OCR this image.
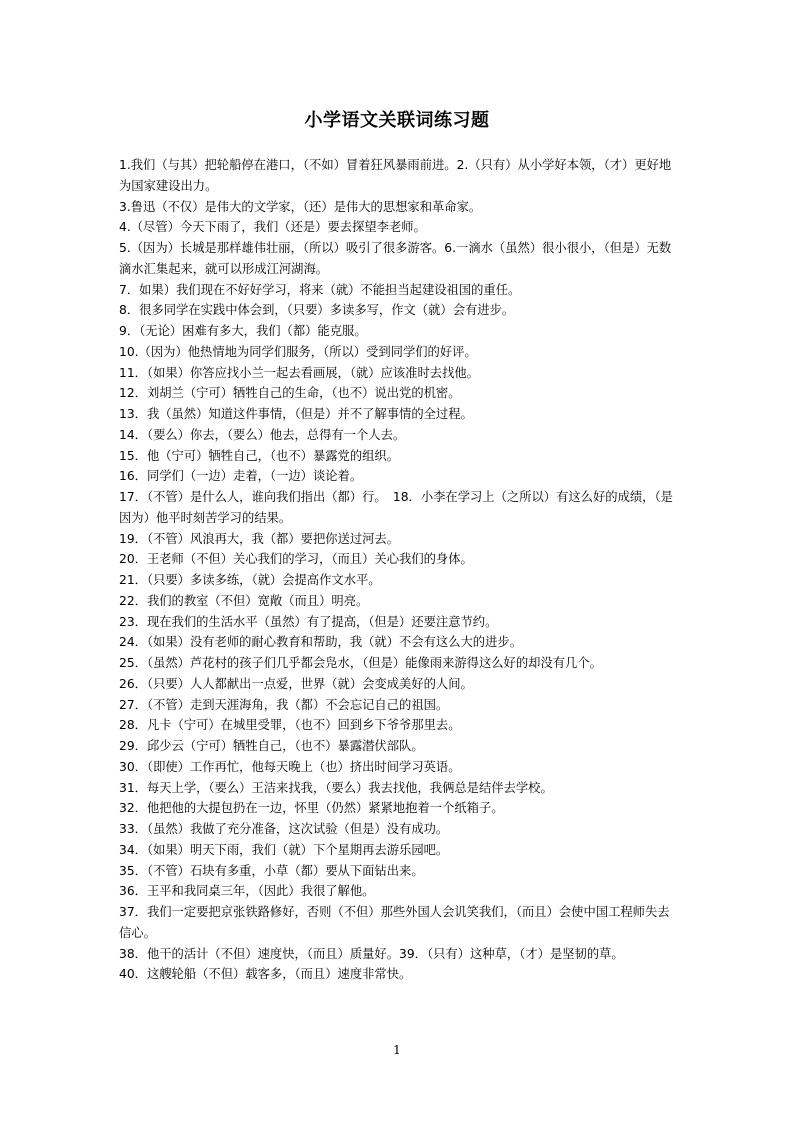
小学语文关联词练习题

1.我们（与其）把轮船停在港口，（不如）冒着狂风暴雨前进。2.（只有）从小学好本领，（才）更好地为国家建设出力。

3.鲁迅（不仅）是伟大的文学家，（还）是伟大的思想家和革命家。

4.（尽管）今天下雨了，我们（还是）要去探望李老师。

5.（因为）长城是那样雄伟壮丽，（所以）吸引了很多游客。6.一滴水（虽然）很小很小，（但是）无数滴水汇集起来，就可以形成江河湖海。

7．如果）我们现在不好好学习，将来（就）不能担当起建设祖国的重任。

8．很多同学在实践中体会到，（只要）多读多写，作文（就）会有进步。

9．（无论）困难有多大，我们（都）能克服。

10.（因为）他热情地为同学们服务，（所以）受到同学们的好评。

11．（如果）你答应找小兰一起去看画展，（就）应该准时去找他。

12．刘胡兰（宁可）牺牲自己的生命，（也不）说出党的机密。

13．我（虽然）知道这件事情，（但是）并不了解事情的全过程。

14．（要么）你去，（要么）他去，总得有一个人去。

15．他（宁可）牺牲自己，（也不）暴露党的组织。

16．同学们（一边）走着，（一边）谈论着。

17．（不管）是什么人，谁向我们指出（都）行。　18．小李在学习上（之所以）有这么好的成绩，（是因为）他平时刻苦学习的结果。

19．（不管）风浪再大，我（都）要把你送过河去。

20．王老师（不但）关心我们的学习，（而且）关心我们的身体。

21．（只要）多读多练，（就）会提高作文水平。

22．我们的教室（不但）宽敞（而且）明亮。

23．现在我们的生活水平（虽然）有了提高，（但是）还要注意节约。

24．（如果）没有老师的耐心教育和帮助，我（就）不会有这么大的进步。

25．（虽然）芦花村的孩子们几乎都会凫水，（但是）能像雨来游得这么好的却没有几个。

26．（只要）人人都献出一点爱，世界（就）会变成美好的人间。

27．（不管）走到天涯海角，我（都）不会忘记自己的祖国。

28．凡卡（宁可）在城里受罪，（也不）回到乡下爷爷那里去。

29．邱少云（宁可）牺牲自己，（也不）暴露潜伏部队。

30．（即使）工作再忙，他每天晚上（也）挤出时间学习英语。

31．每天上学，（要么）王洁来找我，（要么）我去找他，我俩总是结伴去学校。

32．他把他的大提包扔在一边，怀里（仍然）紧紧地抱着一个纸箱子。

33．（虽然）我做了充分准备，这次试验（但是）没有成功。

34．（如果）明天下雨，我们（就）下个星期再去游乐园吧。

35．（不管）石块有多重，小草（都）要从下面钻出来。

36．王平和我同桌三年，（因此）我很了解他。

37．我们一定要把京张铁路修好，否则（不但）那些外国人会讥笑我们，（而且）会使中国工程师失去信心。

38．他干的活计（不但）速度快，（而且）质量好。39．（只有）这种草，（才）是坚韧的草。

40．这艘轮船（不但）载客多，（而且）速度非常快。

1
